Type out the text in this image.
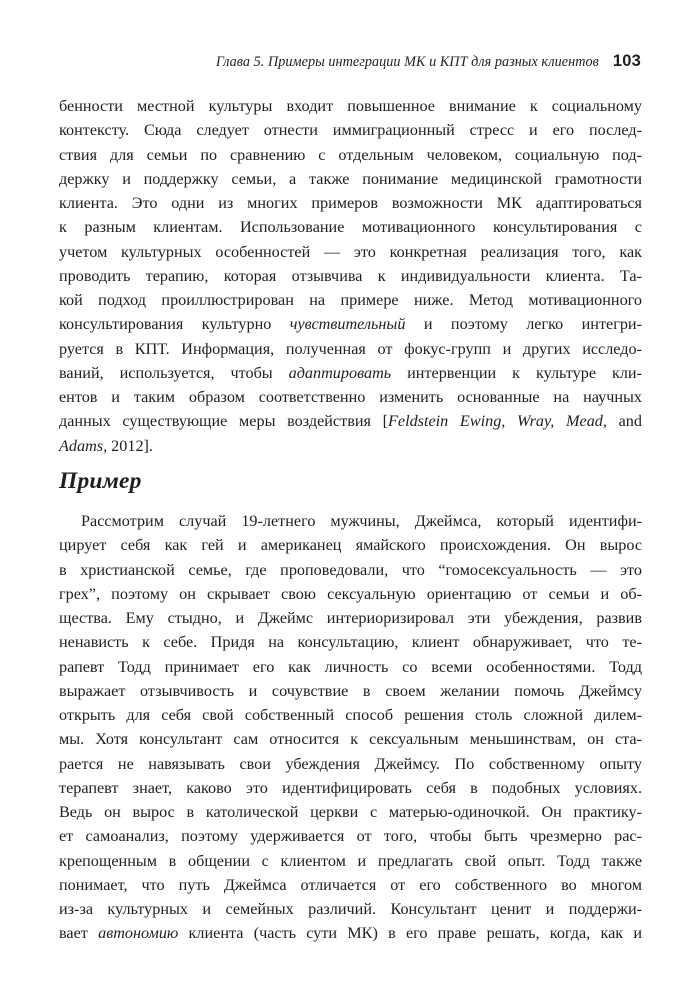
Глава 5. Примеры интеграции МК и КПТ для разных клиентов 103
бенности местной культуры входит повышенное внимание к социальному
контексту. Сюда следует отнести иммиграционный стресс и его послед-
ствия для семьи по сравнению с отдельным человеком, социальную под-
держку и поддержку семьи, а также понимание медицинской грамотности
клиента. Это одни из многих примеров возможности МК адаптироваться
к разным клиентам. Использование мотивационного консультирования с
учетом культурных особенностей — это конкретная реализация того, как
проводить терапию, которая отзывчива к индивидуальности клиента. Та-
кой подход проиллюстрирован на примере ниже. Метод мотивационного
консультирования культурно чувствительный и поэтому легко интегри-
руется в КПТ. Информация, полученная от фокус-групп и других исследо-
ваний, используется, чтобы адаптировать интервенции к культуре кли-
ентов и таким образом соответственно изменить основанные на научных
данных существующие меры воздействия [Feldstein Ewing, Wray, Mead, and
Adams, 2012].
Пример
Рассмотрим случай 19-летнего мужчины, Джеймса, который идентифи-
цирует себя как гей и американец ямайского происхождения. Он вырос
в христианской семье, где проповедовали, что “гомосексуальность — это
грех”, поэтому он скрывает свою сексуальную ориентацию от семьи и об-
щества. Ему стыдно, и Джеймс интериоризировал эти убеждения, развив
ненависть к себе. Придя на консультацию, клиент обнаруживает, что те-
рапевт Тодд принимает его как личность со всеми особенностями. Тодд
выражает отзывчивость и сочувствие в своем желании помочь Джеймсу
открыть для себя свой собственный способ решения столь сложной дилем-
мы. Хотя консультант сам относится к сексуальным меньшинствам, он ста-
рается не навязывать свои убеждения Джеймсу. По собственному опыту
терапевт знает, каково это идентифицировать себя в подобных условиях.
Ведь он вырос в католической церкви с матерью-одиночкой. Он практику-
ет самоанализ, поэтому удерживается от того, чтобы быть чрезмерно рас-
крепощенным в общении с клиентом и предлагать свой опыт. Тодд также
понимает, что путь Джеймса отличается от его собственного во многом
из-за культурных и семейных различий. Консультант ценит и поддержи-
вает автономию клиента (часть сути МК) в его праве решать, когда, как и
